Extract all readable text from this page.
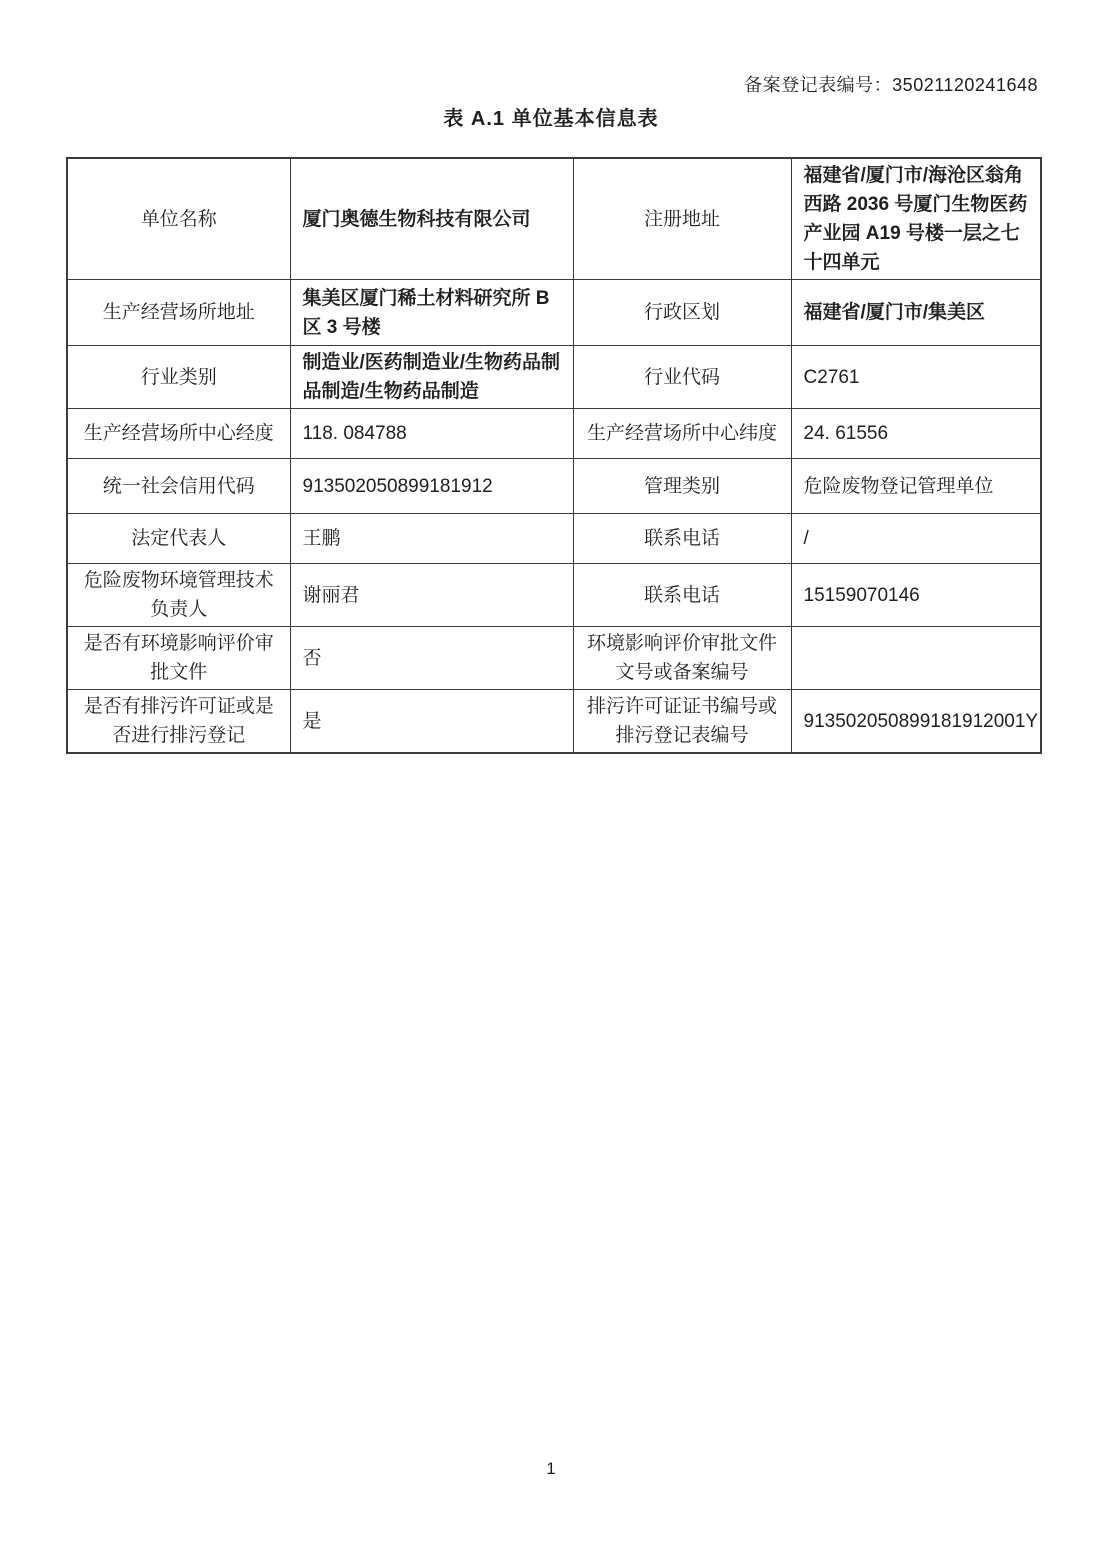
备案登记表编号：35021120241648
表 A.1 单位基本信息表
单位名称	厦门奥德生物科技有限公司	注册地址	福建省/厦门市/海沧区翁角西路 2036 号厦门生物医药产业园 A19 号楼一层之七十四单元
生产经营场所地址	集美区厦门稀土材料研究所 B 区 3 号楼	行政区划	福建省/厦门市/集美区
行业类别	制造业/医药制造业/生物药品制品制造/生物药品制造	行业代码	C2761
生产经营场所中心经度	118. 084788	生产经营场所中心纬度	24. 61556
统一社会信用代码	913502050899181912	管理类别	危险废物登记管理单位
法定代表人	王鹏	联系电话	/
危险废物环境管理技术负责人	谢丽君	联系电话	15159070146
是否有环境影响评价审批文件	否	环境影响评价审批文件文号或备案编号	
是否有排污许可证或是否进行排污登记	是	排污许可证证书编号或排污登记表编号	913502050899181912001Y
1
